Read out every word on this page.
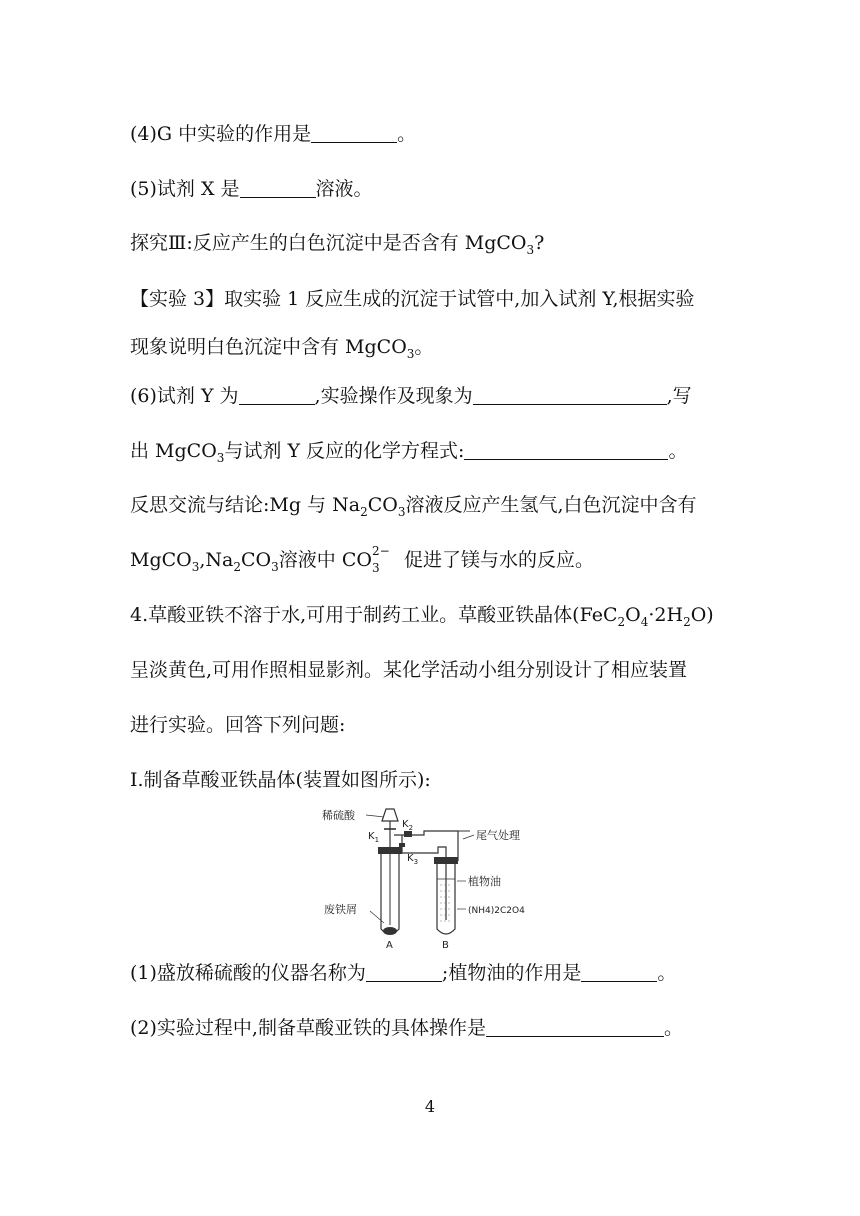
(4)G 中实验的作用是	。
(5)试剂 X 是	溶液。
探究Ⅲ:反应产生的白色沉淀中是否含有 MgCO$_3$?
【实验 3】取实验 1 反应生成的沉淀于试管中,加入试剂 Y,根据实验
现象说明白色沉淀中含有 MgCO$_3$。
(6)试剂 Y 为	,实验操作及现象为	,写
出 MgCO$_3$与试剂 Y 反应的化学方程式:	。
反思交流与结论:Mg 与 $Na_2CO_3$溶液反应产生氢气,白色沉淀中含有
$MgCO_3,Na_2CO_3$溶液中 CO 2−
3 促进了镁与水的反应。
4.草酸亚铁不溶于水,可用于制药工业。草酸亚铁晶体$(FeC_2O_4\cdot 2H_2O)$
呈淡黄色,可用作照相显影剂。某化学活动小组分别设计了相应装置
进行实验。回答下列问题:
Ⅰ.制备草酸亚铁晶体(装置如图所示):
稀硫酸
$K_1$
$K_2$
$K_3$
尾气处理
植物油
(NH4)2C2O4
废铁屑
A	B
(1)盛放稀硫酸的仪器名称为	;植物油的作用是	。
(2)实验过程中,制备草酸亚铁的具体操作是	。
4
